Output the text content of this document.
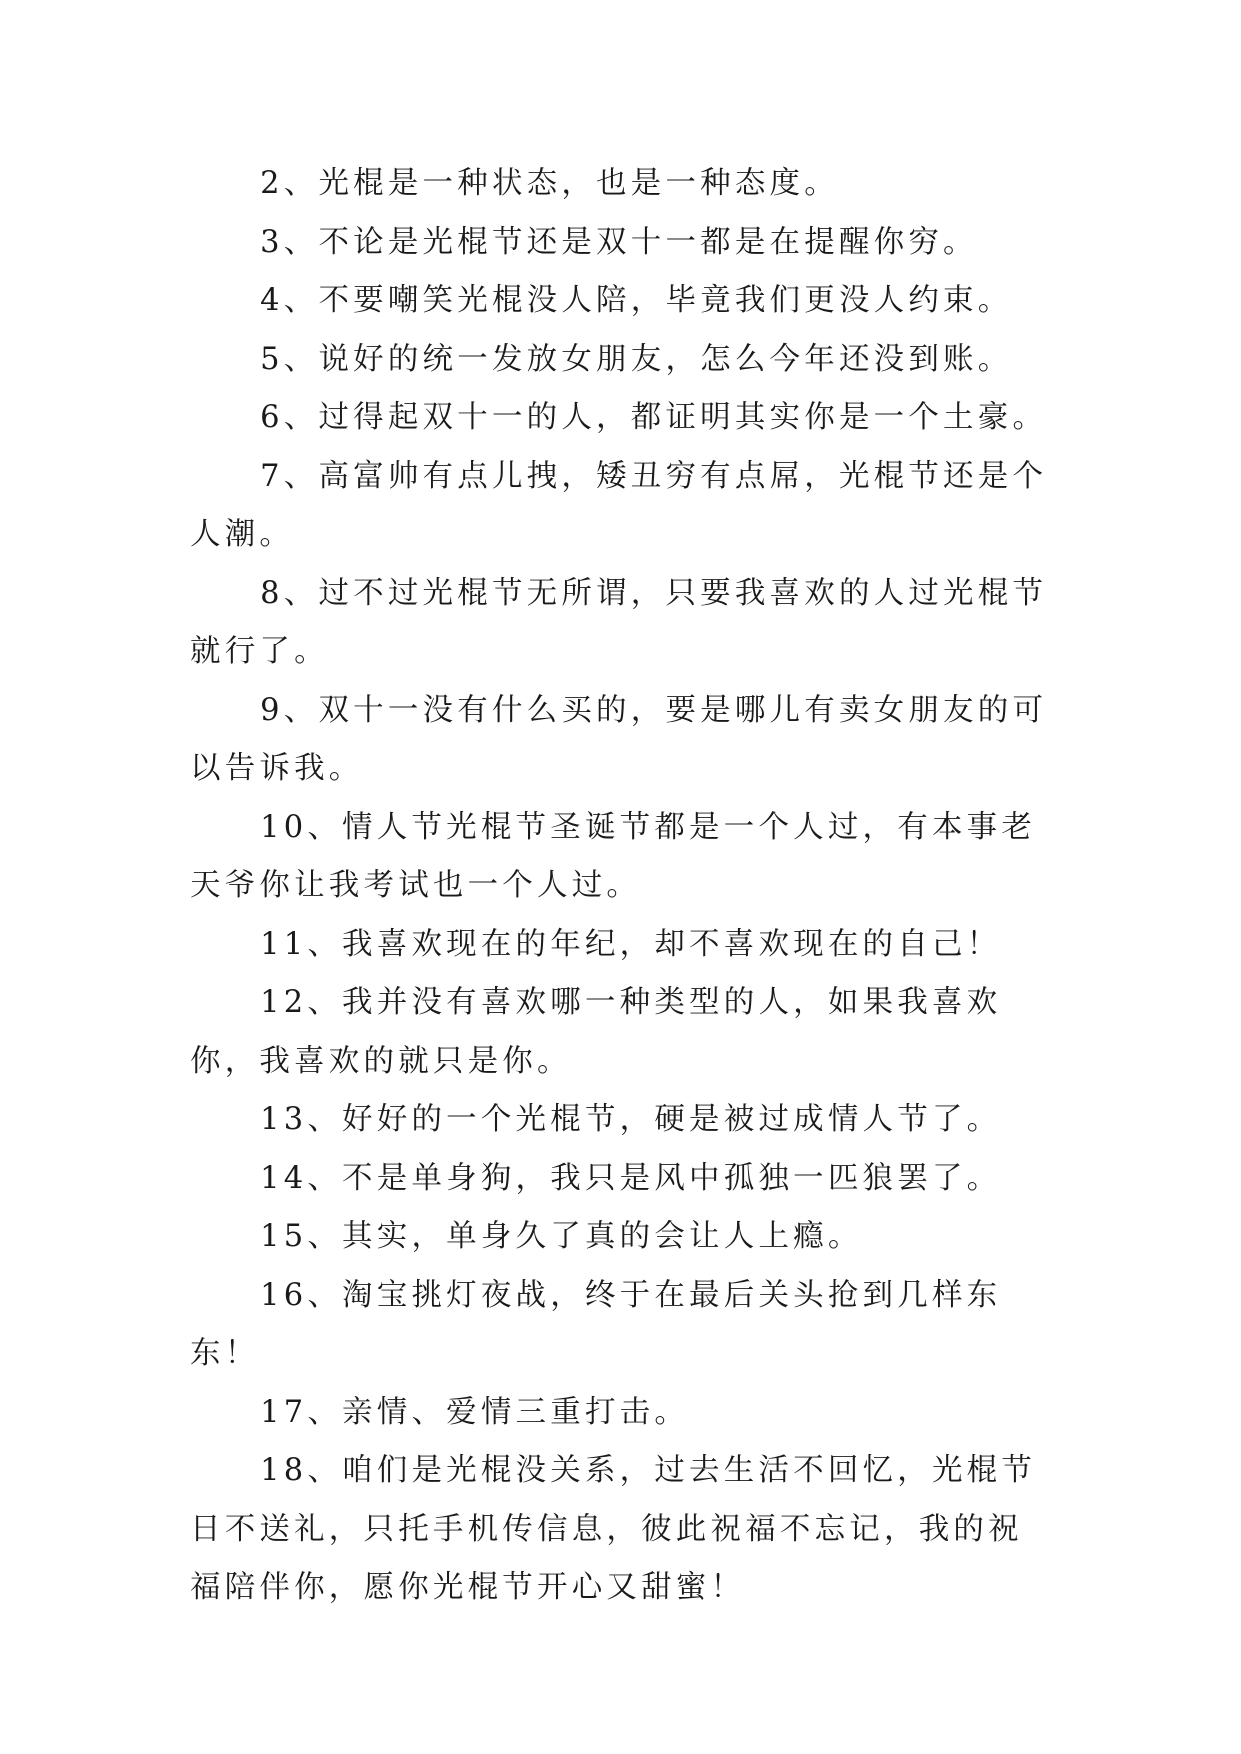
2、光棍是一种状态，也是一种态度。

3、不论是光棍节还是双十一都是在提醒你穷。

4、不要嘲笑光棍没人陪，毕竟我们更没人约束。

5、说好的统一发放女朋友，怎么今年还没到账。

6、过得起双十一的人，都证明其实你是一个土豪。

7、高富帅有点儿拽，矮丑穷有点屌，光棍节还是个人潮。

8、过不过光棍节无所谓，只要我喜欢的人过光棍节就行了。

9、双十一没有什么买的，要是哪儿有卖女朋友的可以告诉我。

10、情人节光棍节圣诞节都是一个人过，有本事老天爷你让我考试也一个人过。

11、我喜欢现在的年纪，却不喜欢现在的自己！

12、我并没有喜欢哪一种类型的人，如果我喜欢你，我喜欢的就只是你。

13、好好的一个光棍节，硬是被过成情人节了。

14、不是单身狗，我只是风中孤独一匹狼罢了。

15、其实，单身久了真的会让人上瘾。

16、淘宝挑灯夜战，终于在最后关头抢到几样东东！

17、亲情、爱情三重打击。

18、咱们是光棍没关系，过去生活不回忆，光棍节日不送礼，只托手机传信息，彼此祝福不忘记，我的祝福陪伴你，愿你光棍节开心又甜蜜！
